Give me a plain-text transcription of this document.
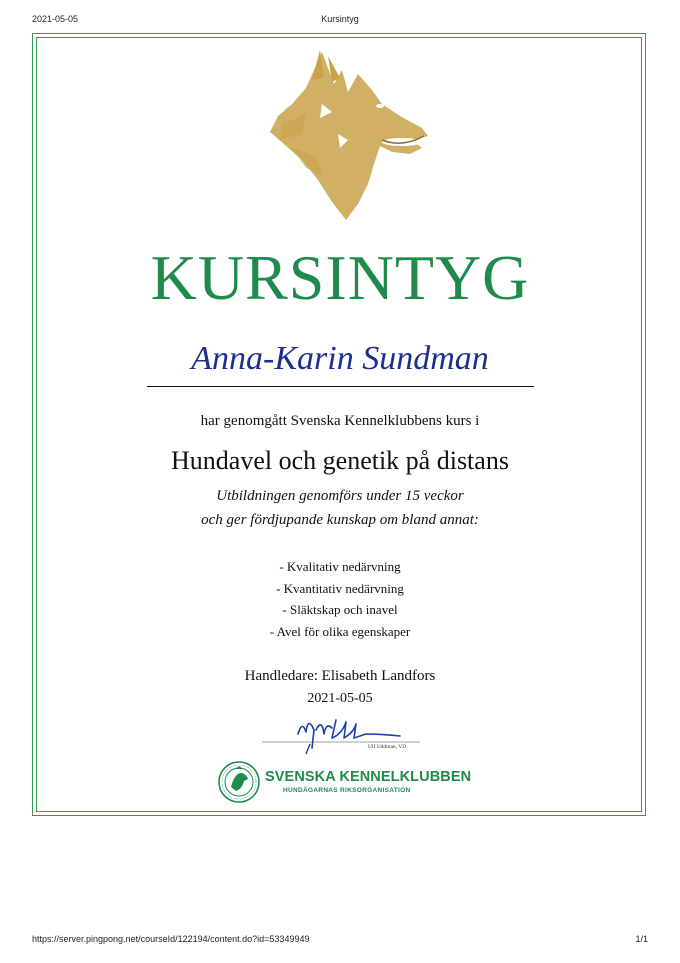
2021-05-05	Kursintyg
KURSINTYG
Anna-Karin Sundman
har genomgått Svenska Kennelklubbens kurs i
Hundavel och genetik på distans
Utbildningen genomförs under 15 veckor
och ger fördjupande kunskap om bland annat:
- Kvalitativ nedärvning
- Kvantitativ nedärvning
- Släktskap och inavel
- Avel för olika egenskaper
Handledare: Elisabeth Landfors
2021-05-05
Ulf Uddman, VD
SVENSKA KENNELKLUBBEN
HUNDÄGARNAS RIKSORGANISATION
https://server.pingpong.net/courseId/122194/content.do?id=53349949	1/1
